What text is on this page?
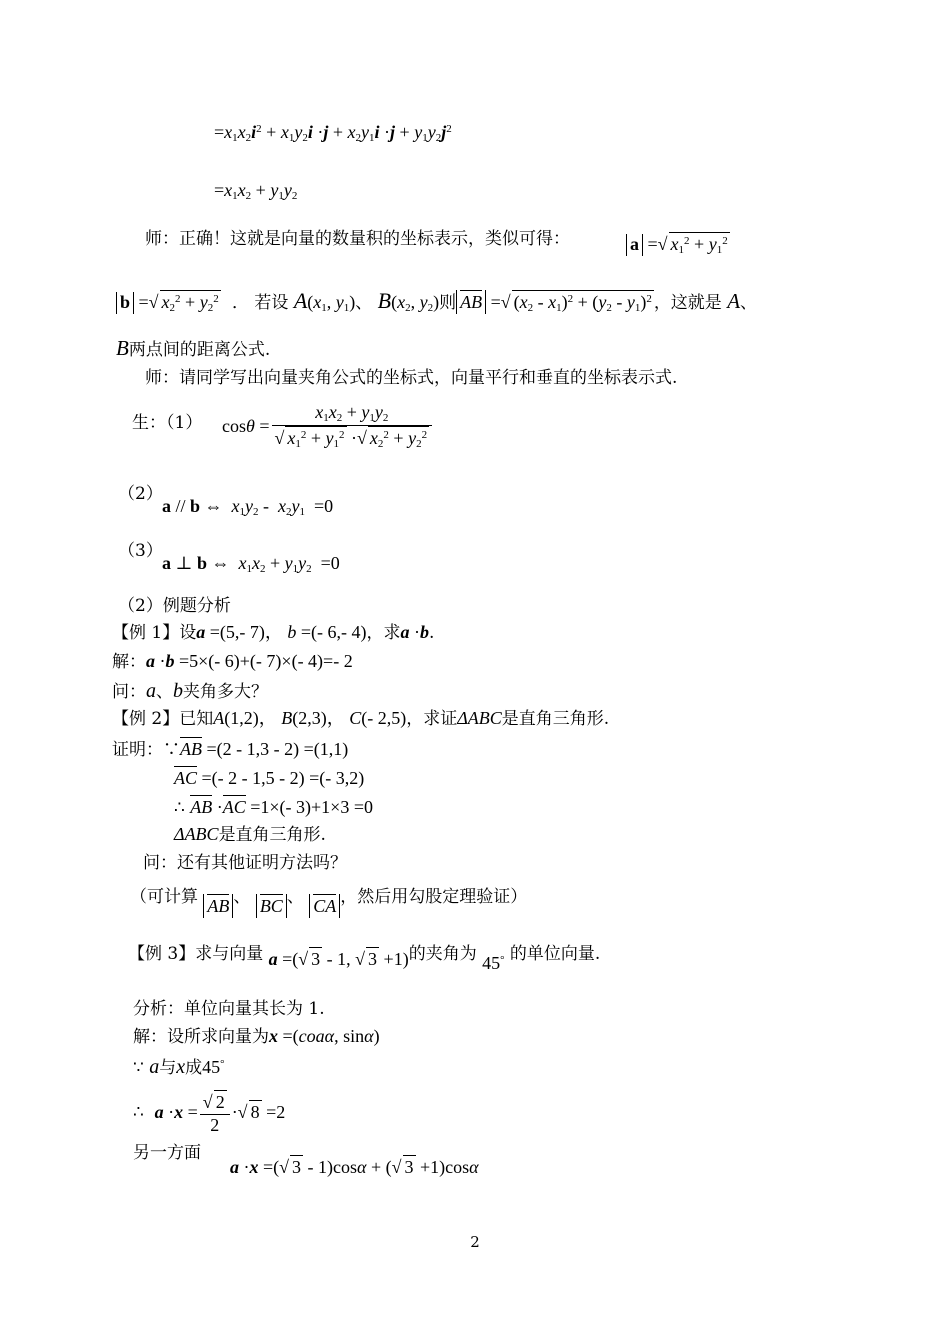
$=x_1x_2i^2 + x_1y_2i \cdot j + x_2y_1i \cdot j + y_1y_2j^2$
$=x_1x_2 + y_1y_2$
师：正确！这就是向量的数量积的坐标表示，类似可得：	a =√ $x_1^2 + y_1^2$
b =√ $x_2^2 + y_2^2$ ． 若设 $A(x_1$, $y_1$)、 $B(x_2$, $y_2$)则 AB =√ $(x_2 - x_1)^2 + (y_2 - y_1)^2$ ，这就是 A、
B两点间的距离公式.
师：请同学写出向量夹角公式的坐标式，向量平行和垂直的坐标表示式.
生：（1） $\cos\theta = \frac{x_1x_2 + y_1y_2}{√ x_1^2 + y_1^2 \cdot√ x_2^2 + y_2^2}$
（2）
a // b ⇔  $x_1y_2 - x_2y_1 =0$
（3）
a ⊥ b ⇔  $x_1x_2 + y_1y_2 =0$
（2）例题分析
【例 1】设a =(5,- 7)， b =(- 6,- 4)，求a ·b.
解：a ·b =5×(- 6)+(- 7)×(- 4)=- 2
问：a、b夹角多大？
【例 2】已知A(1,2)， B(2,3)， C(- 2,5)，求证ΔABC是直角三角形.
证明：∵AB =(2 - 1,3 - 2) =(1,1)
AC =(- 2 - 1,5 - 2) =(- 3,2)
∴ AB ·AC =1×(- 3)+1×3 =0
ΔABC是直角三角形.
问：还有其他证明方法吗？
（可计算 AB 、 BC 、 CA ，然后用勾股定理验证）
【例 3】求与向量 a =(√ 3 - 1, √ 3 +1)的夹角为 45° 的单位向量.
分析：单位向量其长为 1.
解：设所求向量为x =(coaα, sinα)
∵ a与x成45°
∴ $a \cdot x = \frac{√ 2}{2}$ ·√ 8 =2
另一方面
a ·x =(√ 3 - 1)cosα + (√ 3 +1)cosα
2
